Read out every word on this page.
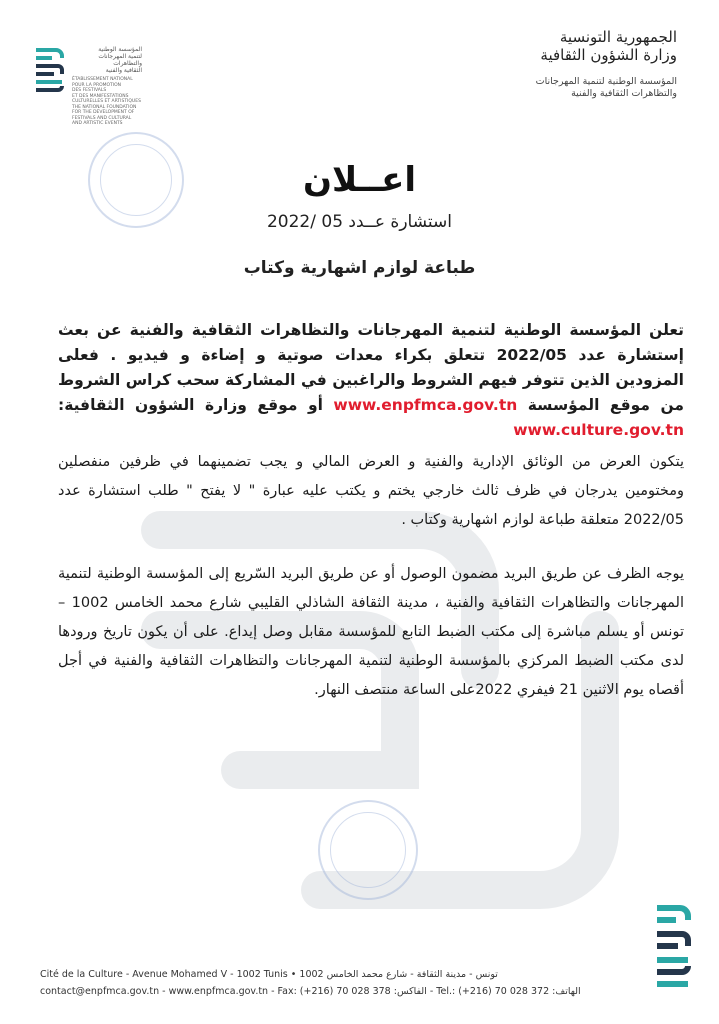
المؤسسة الوطنية
لتنمية المهرجانات
والتظاهرات
الثقافية والفنية
ÉTABLISSEMENT NATIONAL
POUR LA PROMOTION
DES FESTIVALS
ET DES MANIFESTATIONS
CULTURELLES ET ARTISTIQUES
THE NATIONAL FOUNDATION
FOR THE DEVELOPMENT OF
FESTIVALS AND CULTURAL
AND ARTISTIC EVENTS
الجمهورية التونسية
وزارة الشؤون الثقافية
المؤسسة الوطنية لتنمية المهرجانات
والتظاهرات الثقافية والفنية
اعــلان
استشارة عــدد 05 /2022
طباعة لوازم اشهارية وكتاب
تعلن المؤسسة الوطنية لتنمية المهرجانات والتظاهرات الثقافية والفنية عن بعث إستشارة عدد 2022/05 تتعلق بكراء معدات صوتية و إضاءة و فيديو . فعلى المزودين الذين تتوفر فيهم الشروط والراغبين في المشاركة سحب كراس الشروط من موقع المؤسسة www.enpfmca.gov.tn أو موقع وزارة الشؤون الثقافية: www.culture.gov.tn
يتكون العرض من الوثائق الإدارية والفنية و العرض المالي و يجب تضمينهما في ظرفين منفصلين ومختومين يدرجان في ظرف ثالث خارجي يختم و يكتب عليه عبارة " لا يفتح " طلب استشارة عدد 2022/05 متعلقة طباعة لوازم اشهارية وكتاب .
يوجه الظرف عن طريق البريد مضمون الوصول أو عن طريق البريد السّريع إلى المؤسسة الوطنية لتنمية المهرجانات والتظاهرات الثقافية والفنية ، مدينة الثقافة الشاذلي القليبي شارع محمد الخامس 1002 – تونس أو يسلم مباشرة إلى مكتب الضبط التابع للمؤسسة مقابل وصل إيداع. على أن يكون تاريخ ورودها لدى مكتب الضبط المركزي بالمؤسسة الوطنية لتنمية المهرجانات والتظاهرات الثقافية والفنية في أجل أقصاه يوم الاثنين 21 فيفري 2022على الساعة منتصف النهار.
Cité de la Culture - Avenue Mohamed V - 1002 Tunis • 1002 تونس - مدينة الثقافة - شارع محمد الخامس
contact@enpfmca.gov.tn - www.enpfmca.gov.tn - Fax: (+216) 70 028 378 :الفاكس - Tel.: (+216) 70 028 372 :الهاتف
